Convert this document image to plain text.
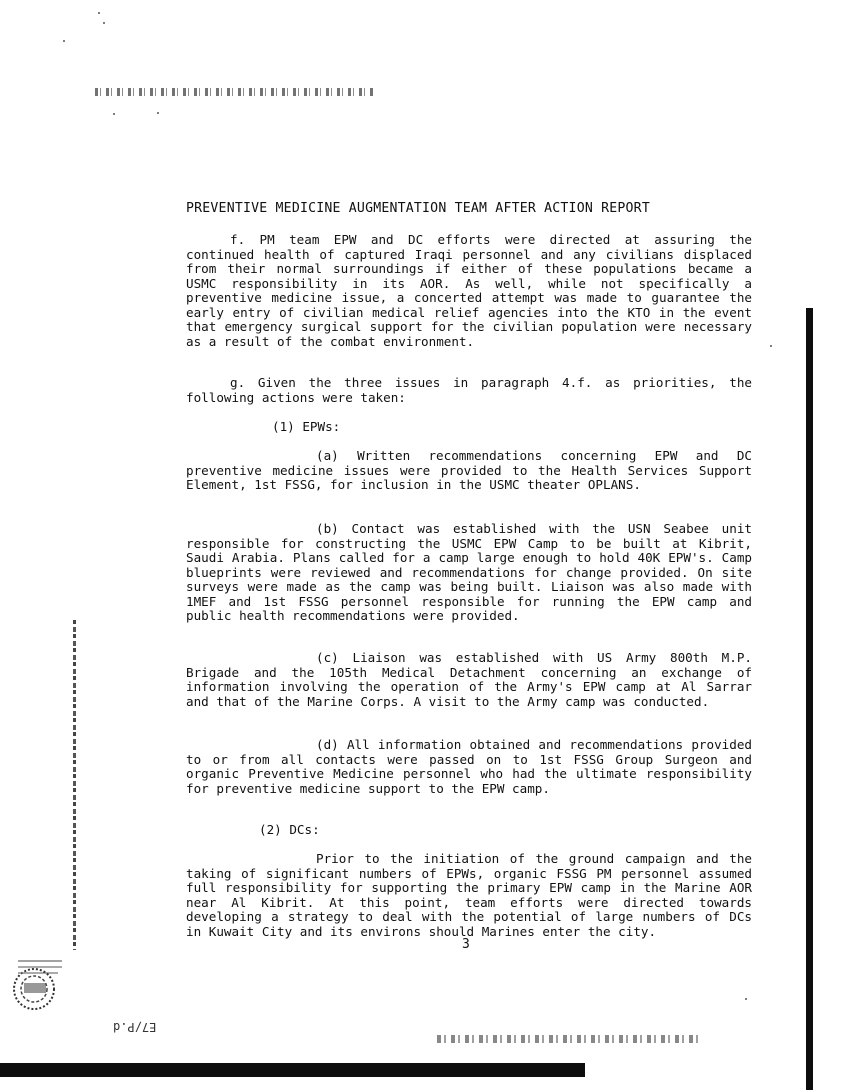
PREVENTIVE MEDICINE AUGMENTATION TEAM AFTER ACTION REPORT

f. PM team EPW and DC efforts were directed at assuring the continued health of captured Iraqi personnel and any civilians displaced from their normal surroundings if either of these populations became a USMC responsibility in its AOR. As well, while not specifically a preventive medicine issue, a concerted attempt was made to guarantee the early entry of civilian medical relief agencies into the KTO in the event that emergency surgical support for the civilian population were necessary as a result of the combat environment.

g. Given the three issues in paragraph 4.f. as priorities, the following actions were taken:

(1) EPWs:

(a) Written recommendations concerning EPW and DC preventive medicine issues were provided to the Health Services Support Element, 1st FSSG, for inclusion in the USMC theater OPLANS.

(b) Contact was established with the USN Seabee unit responsible for constructing the USMC EPW Camp to be built at Kibrit, Saudi Arabia. Plans called for a camp large enough to hold 40K EPW's. Camp blueprints were reviewed and recommendations for change provided. On site surveys were made as the camp was being built. Liaison was also made with 1MEF and 1st FSSG personnel responsible for running the EPW camp and public health recommendations were provided.

(c) Liaison was established with US Army 800th M.P. Brigade and the 105th Medical Detachment concerning an exchange of information involving the operation of the Army's EPW camp at Al Sarrar and that of the Marine Corps. A visit to the Army camp was conducted.

(d) All information obtained and recommendations provided to or from all contacts were passed on to 1st FSSG Group Surgeon and organic Preventive Medicine personnel who had the ultimate responsibility for preventive medicine support to the EPW camp.

(2) DCs:

Prior to the initiation of the ground campaign and the taking of significant numbers of EPWs, organic FSSG PM personnel assumed full responsibility for supporting the primary EPW camp in the Marine AOR near Al Kibrit. At this point, team efforts were directed towards developing a strategy to deal with the potential of large numbers of DCs in Kuwait City and its environs should Marines enter the city.

3
E7/P.d
